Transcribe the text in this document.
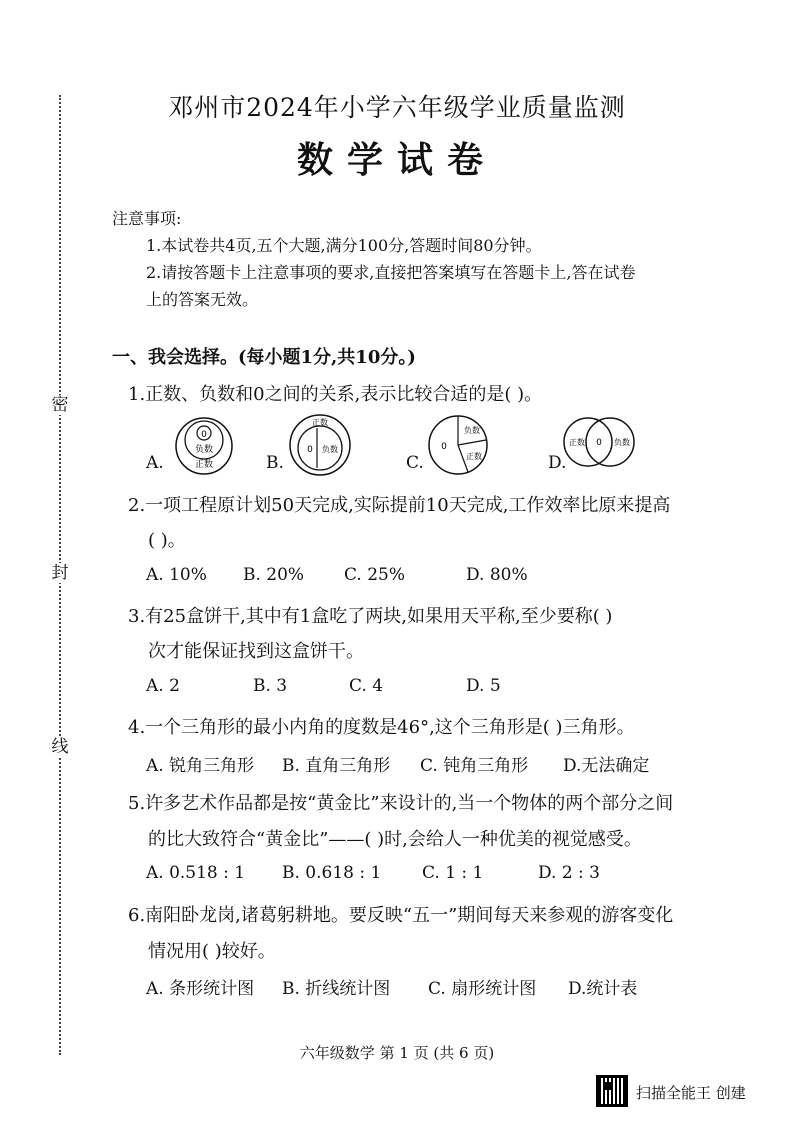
密
封
线
邓州市2024年小学六年级学业质量监测
数学试卷
注意事项:
1.本试卷共4页,五个大题,满分100分,答题时间80分钟。
2.请按答题卡上注意事项的要求,直接把答案填写在答题卡上,答在试卷
上的答案无效。
一、我会选择。(每小题1分,共10分。)
1.正数、负数和0之间的关系,表示比较合适的是( )。
A.
0
负数
正数	B.
正数
0 负数
C.
0
负数
正数	D.
正数 0 负数
2.一项工程原计划50天完成,实际提前10天完成,工作效率比原来提高
( )。
A. 10% B. 20% C. 25%	D. 80%
3.有25盒饼干,其中有1盒吃了两块,如果用天平称,至少要称( )
次才能保证找到这盒饼干。
A. 2	B. 3	C. 4	D. 5
4.一个三角形的最小内角的度数是46°,这个三角形是( )三角形。
A. 锐角三角形 B. 直角三角形 C. 钝角三角形 D.无法确定
5.许多艺术作品都是按“黄金比”来设计的,当一个物体的两个部分之间
的比大致符合“黄金比”——( )时,会给人一种优美的视觉感受。
A. 0.518 : 1 B. 0.618 : 1 C. 1 : 1	D. 2 : 3
6.南阳卧龙岗,诸葛躬耕地。要反映“五一”期间每天来参观的游客变化
情况用( )较好。
A. 条形统计图 B. 折线统计图 C. 扇形统计图 D.统计表
六年级数学 第 1 页 (共 6 页)
扫描全能王 创建
